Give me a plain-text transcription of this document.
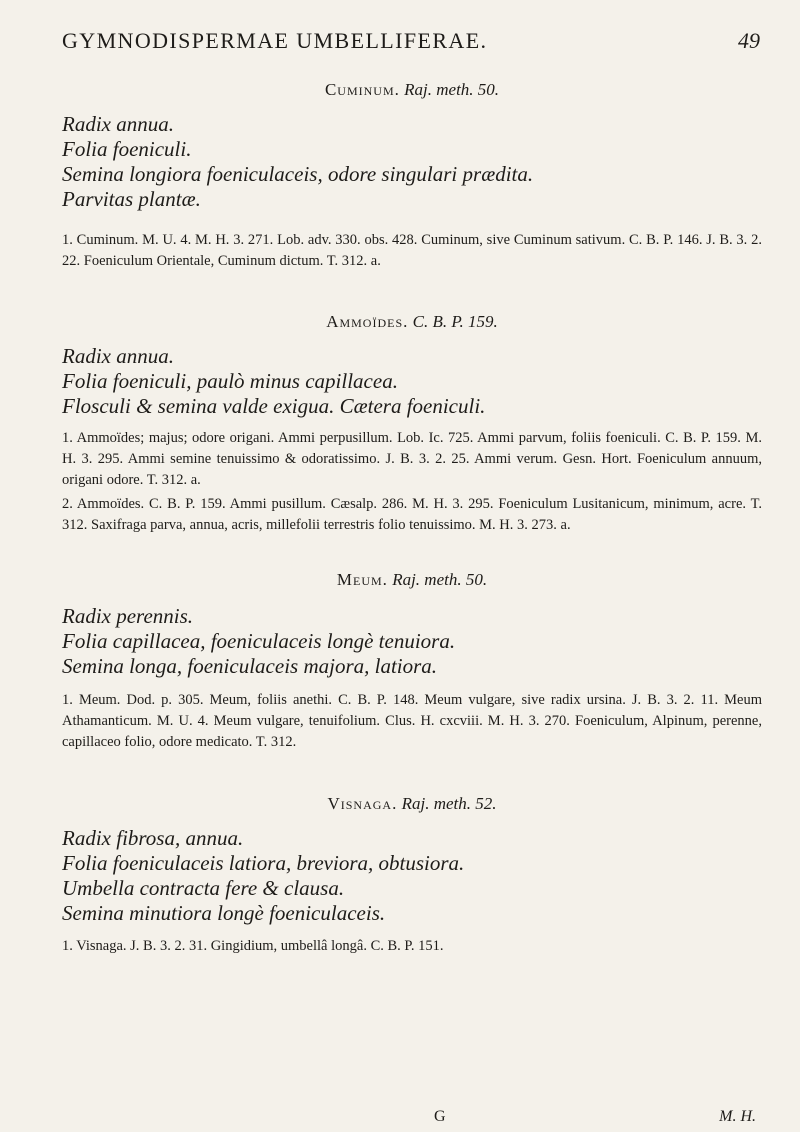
GYMNODISPERMAE UMBELLIFERAE.	49
Cuminum. Raj. meth. 50.
Radix annua.
Folia foeniculi.
Semina longiora foeniculaceis, odore singulari prædita.
Parvitas plantæ.
1. Cuminum. M. U. 4. M. H. 3. 271. Lob. adv. 330. obs. 428. Cuminum, sive Cuminum sativum. C. B. P. 146. J. B. 3. 2. 22. Foeniculum Orientale, Cuminum dictum. T. 312. a.
Ammoïdes. C. B. P. 159.
Radix annua.
Folia foeniculi, paulò minus capillacea.
Flosculi & semina valde exigua. Cætera foeniculi.
1. Ammoïdes; majus; odore origani. Ammi perpusillum. Lob. Ic. 725. Ammi parvum, foliis foeniculi. C. B. P. 159. M. H. 3. 295. Ammi semine tenuissimo & odoratissimo. J. B. 3. 2. 25. Ammi verum. Gesn. Hort. Foeniculum annuum, origani odore. T. 312. a.
2. Ammoïdes. C. B. P. 159. Ammi pusillum. Cæsalp. 286. M. H. 3. 295. Foeniculum Lusitanicum, minimum, acre. T. 312. Saxifraga parva, annua, acris, millefolii terrestris folio tenuissimo. M. H. 3. 273. a.
Meum. Raj. meth. 50.
Radix perennis.
Folia capillacea, foeniculaceis longè tenuiora.
Semina longa, foeniculaceis majora, latiora.
1. Meum. Dod. p. 305. Meum, foliis anethi. C. B. P. 148. Meum vulgare, sive radix ursina. J. B. 3. 2. 11. Meum Athamanticum. M. U. 4. Meum vulgare, tenuifolium. Clus. H. cxcviii. M. H. 3. 270. Foeniculum, Alpinum, perenne, capillaceo folio, odore medicato. T. 312.
Visnaga. Raj. meth. 52.
Radix fibrosa, annua.
Folia foeniculaceis latiora, breviora, obtusiora.
Umbella contracta fere & clausa.
Semina minutiora longè foeniculaceis.
1. Visnaga. J. B. 3. 2. 31. Gingidium, umbellâ longâ. C. B. P. 151.
G	M. H.
